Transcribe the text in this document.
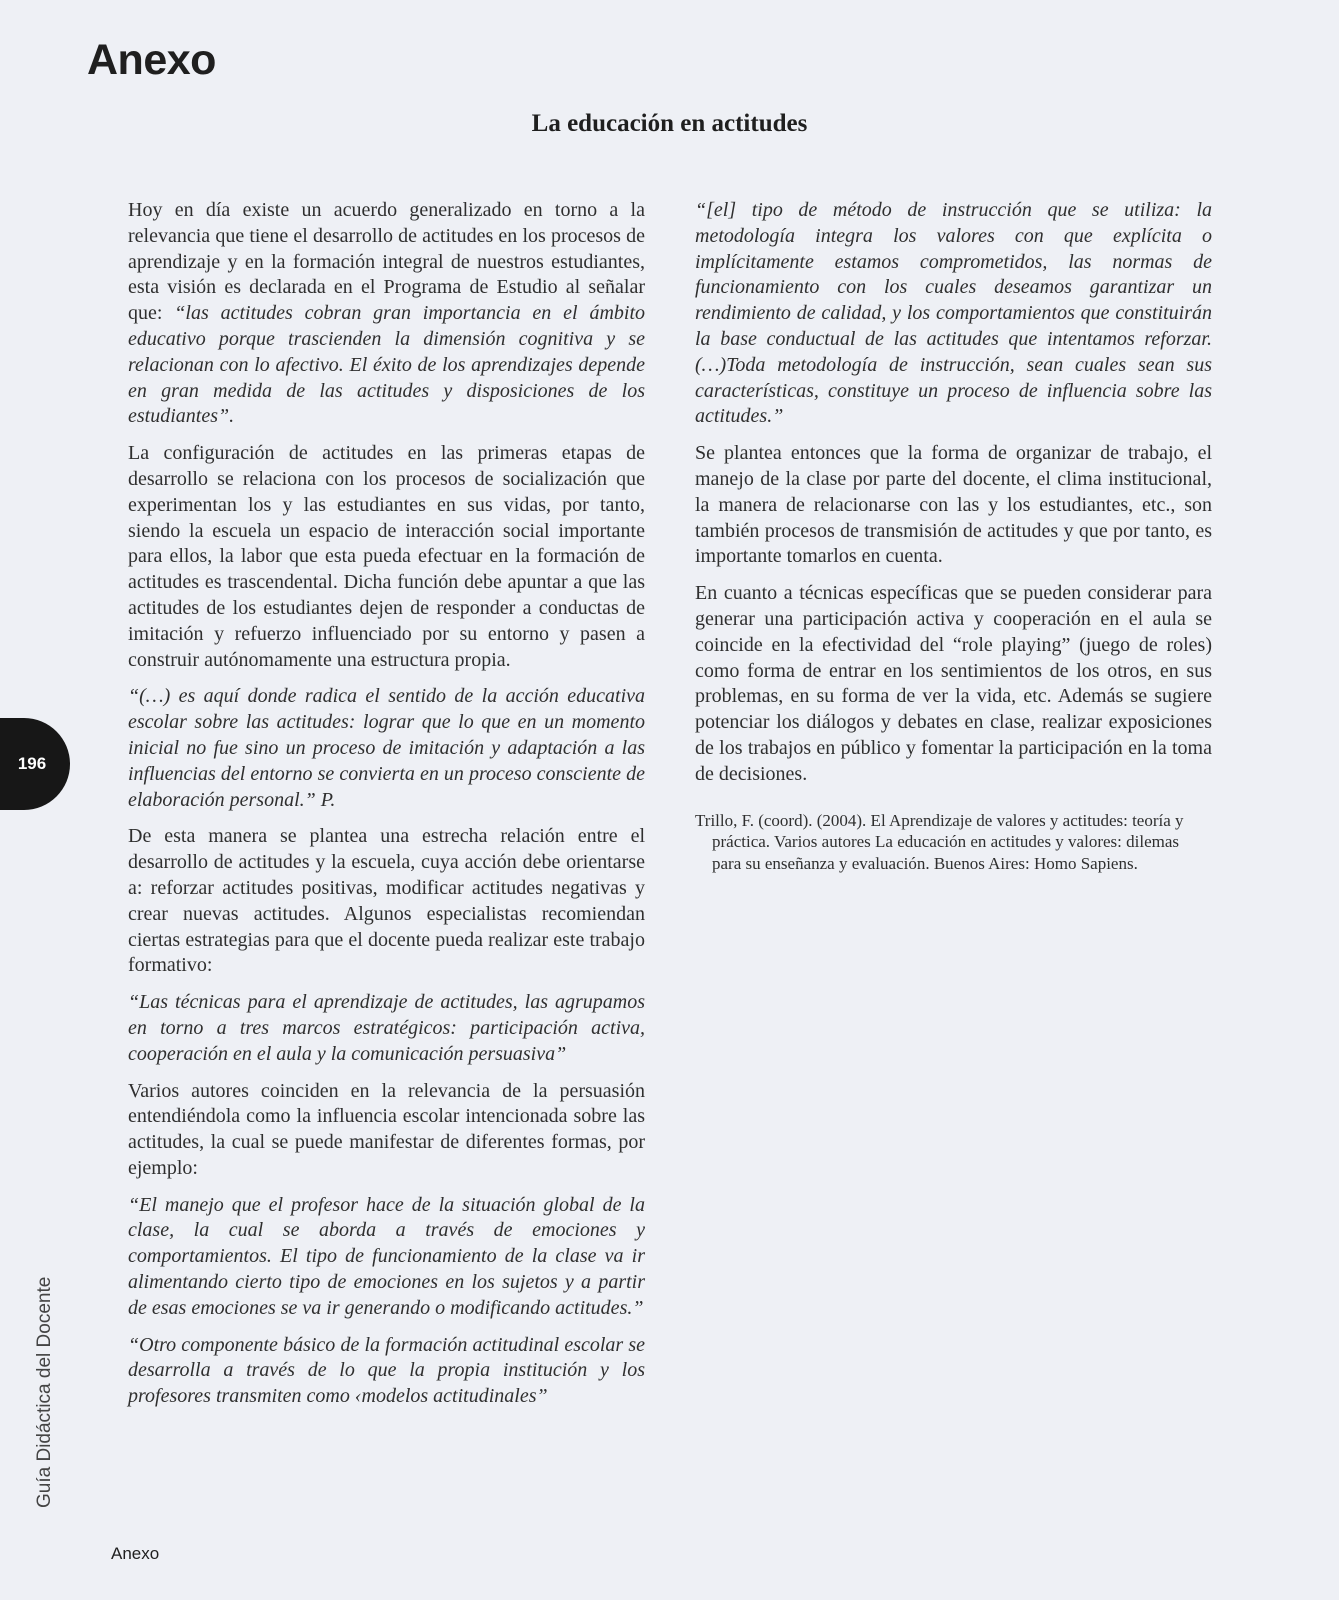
Anexo
La educación en actitudes

Hoy en día existe un acuerdo generalizado en torno a la relevancia que tiene el desarrollo de actitudes en los procesos de aprendizaje y en la formación integral de nuestros estudiantes, esta visión es declarada en el Programa de Estudio al señalar que: “las actitudes cobran gran importancia en el ámbito educativo porque trascienden la dimensión cognitiva y se relacionan con lo afectivo. El éxito de los aprendizajes depende en gran medida de las actitudes y disposiciones de los estudiantes”.

La configuración de actitudes en las primeras etapas de desarrollo se relaciona con los procesos de socialización que experimentan los y las estudiantes en sus vidas, por tanto, siendo la escuela un espacio de interacción social importante para ellos, la labor que esta pueda efectuar en la formación de actitudes es trascendental. Dicha función debe apuntar a que las actitudes de los estudiantes dejen de responder a conductas de imitación y refuerzo influenciado por su entorno y pasen a construir autónomamente una estructura propia.

“(…) es aquí donde radica el sentido de la acción educativa escolar sobre las actitudes: lograr que lo que en un momento inicial no fue sino un proceso de imitación y adaptación a las influencias del entorno se convierta en un proceso consciente de elaboración personal.” P.

De esta manera se plantea una estrecha relación entre el desarrollo de actitudes y la escuela, cuya acción debe orientarse a: reforzar actitudes positivas, modificar actitudes negativas y crear nuevas actitudes. Algunos especialistas recomiendan ciertas estrategias para que el docente pueda realizar este trabajo formativo:

“Las técnicas para el aprendizaje de actitudes, las agrupamos en torno a tres marcos estratégicos: participación activa, cooperación en el aula y la comunicación persuasiva”

Varios autores coinciden en la relevancia de la persuasión entendiéndola como la influencia escolar intencionada sobre las actitudes, la cual se puede manifestar de diferentes formas, por ejemplo:

“El manejo que el profesor hace de la situación global de la clase, la cual se aborda a través de emociones y comportamientos. El tipo de funcionamiento de la clase va ir alimentando cierto tipo de emociones en los sujetos y a partir de esas emociones se va ir generando o modificando actitudes.”

“Otro componente básico de la formación actitudinal escolar se desarrolla a través de lo que la propia institución y los profesores transmiten como ‹modelos actitudinales”

“[el] tipo de método de instrucción que se utiliza: la metodología integra los valores con que explícita o implícitamente estamos comprometidos, las normas de funcionamiento con los cuales deseamos garantizar un rendimiento de calidad, y los comportamientos que constituirán la base conductual de las actitudes que intentamos reforzar. (…)Toda metodología de instrucción, sean cuales sean sus características, constituye un proceso de influencia sobre las actitudes.”

Se plantea entonces que la forma de organizar de trabajo, el manejo de la clase por parte del docente, el clima institucional, la manera de relacionarse con las y los estudiantes, etc., son también procesos de transmisión de actitudes y que por tanto, es importante tomarlos en cuenta.

En cuanto a técnicas específicas que se pueden considerar para generar una participación activa y cooperación en el aula se coincide en la efectividad del “role playing” (juego de roles) como forma de entrar en los sentimientos de los otros, en sus problemas, en su forma de ver la vida, etc. Además se sugiere potenciar los diálogos y debates en clase, realizar exposiciones de los trabajos en público y fomentar la participación en la toma de decisiones.

Trillo, F. (coord). (2004). El Aprendizaje de valores y actitudes: teoría y práctica. Varios autores La educación en actitudes y valores: dilemas para su enseñanza y evaluación. Buenos Aires: Homo Sapiens.

196
Guía Didáctica del Docente
Anexo
